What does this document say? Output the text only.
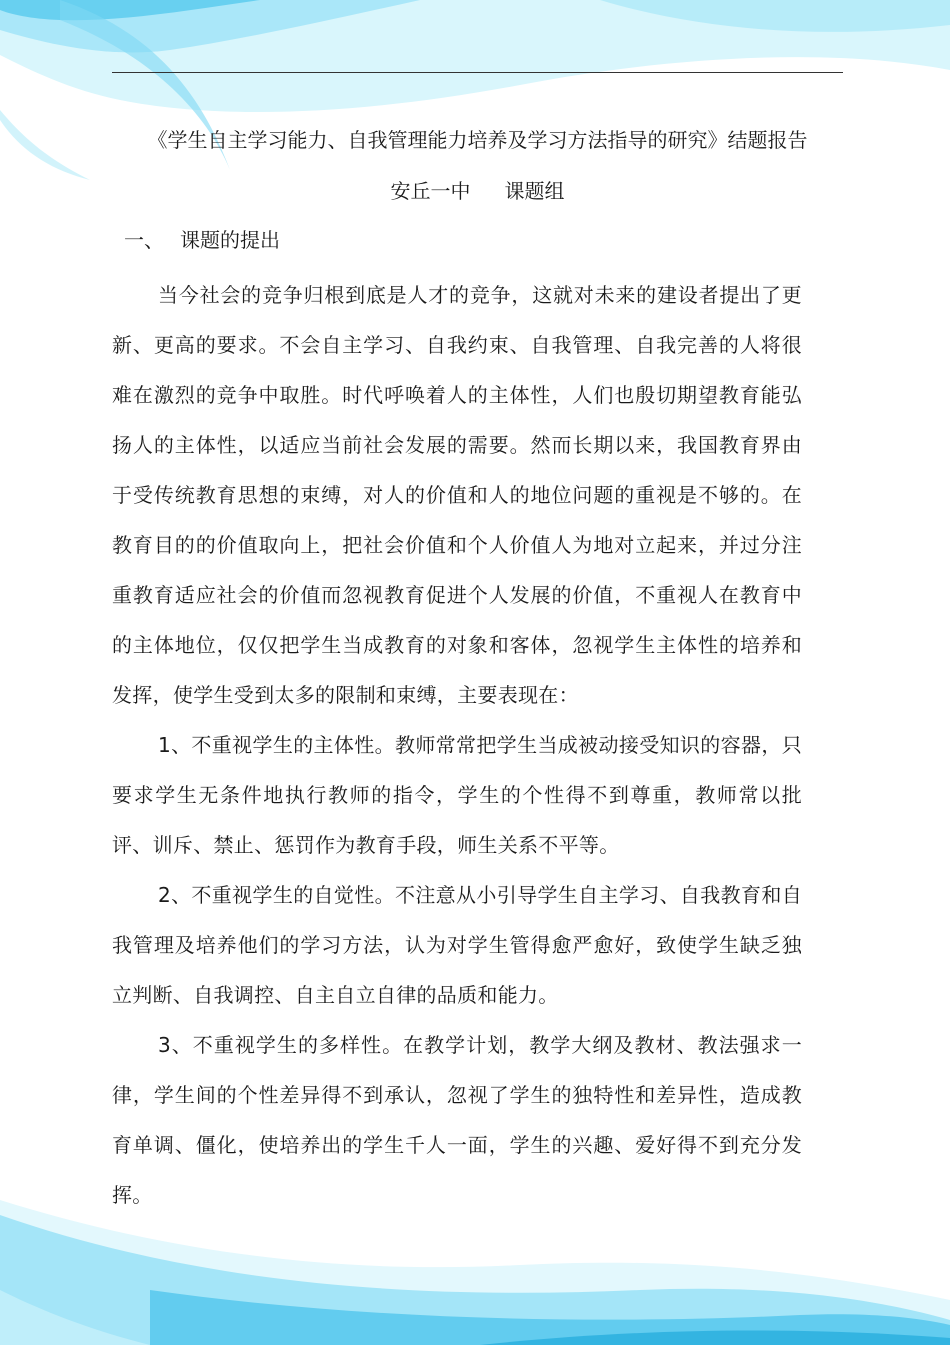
《学生自主学习能力、自我管理能力培养及学习方法指导的研究》结题报告
安丘一中 课题组
一、 课题的提出

当今社会的竞争归根到底是人才的竞争，这就对未来的建设者提出了更新、更高的要求。不会自主学习、自我约束、自我管理、自我完善的人将很难在激烈的竞争中取胜。时代呼唤着人的主体性，人们也殷切期望教育能弘扬人的主体性，以适应当前社会发展的需要。然而长期以来，我国教育界由于受传统教育思想的束缚，对人的价值和人的地位问题的重视是不够的。在教育目的的价值取向上，把社会价值和个人价值人为地对立起来，并过分注重教育适应社会的价值而忽视教育促进个人发展的价值，不重视人在教育中的主体地位，仅仅把学生当成教育的对象和客体，忽视学生主体性的培养和发挥，使学生受到太多的限制和束缚，主要表现在：

1、不重视学生的主体性。教师常常把学生当成被动接受知识的容器，只要求学生无条件地执行教师的指令，学生的个性得不到尊重，教师常以批评、训斥、禁止、惩罚作为教育手段，师生关系不平等。

2、不重视学生的自觉性。不注意从小引导学生自主学习、自我教育和自我管理及培养他们的学习方法，认为对学生管得愈严愈好，致使学生缺乏独立判断、自我调控、自主自立自律的品质和能力。

3、不重视学生的多样性。在教学计划，教学大纲及教材、教法强求一律，学生间的个性差异得不到承认，忽视了学生的独特性和差异性，造成教育单调、僵化，使培养出的学生千人一面，学生的兴趣、爱好得不到充分发挥。
